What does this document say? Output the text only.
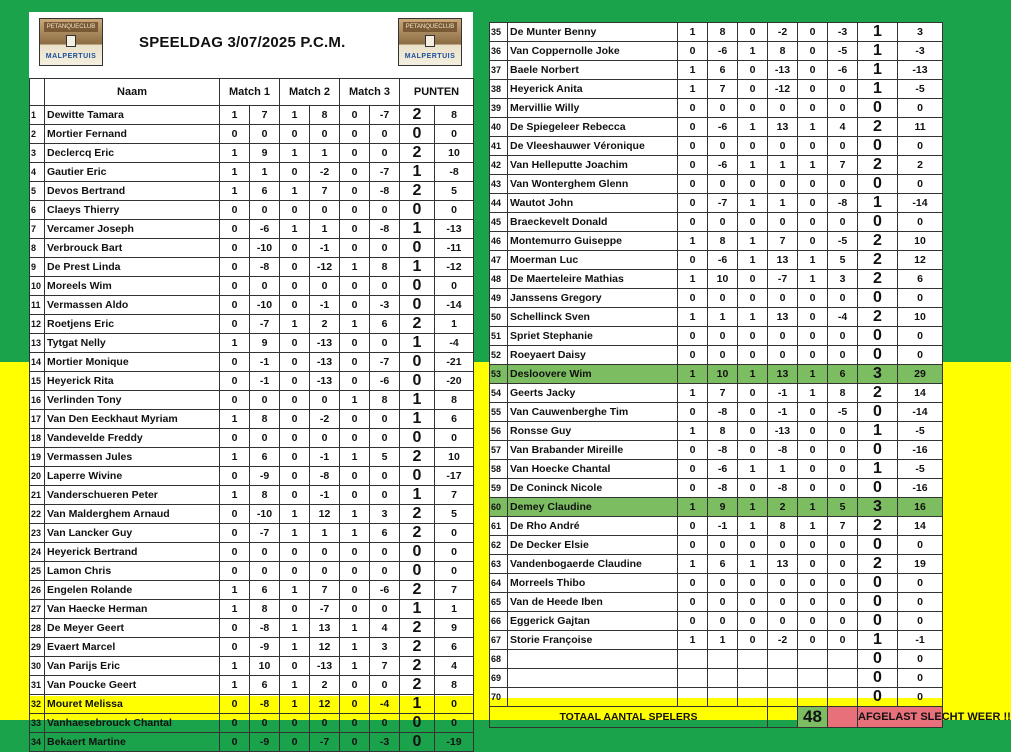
PETANQUECLUB
MALPERTUIS
SPEELDAG 3/07/2025 P.C.M.
PETANQUECLUB
MALPERTUIS
	Naam	Match 1		Match 2		Match 3		PUNTEN	
1	Dewitte Tamara	1	7	1	8	0	-7	2	8
2	Mortier Fernand	0	0	0	0	0	0	0	0
3	Declercq Eric	1	9	1	1	0	0	2	10
4	Gautier Eric	1	1	0	-2	0	-7	1	-8
5	Devos Bertrand	1	6	1	7	0	-8	2	5
6	Claeys Thierry	0	0	0	0	0	0	0	0
7	Vercamer Joseph	0	-6	1	1	0	-8	1	-13
8	Verbrouck Bart	0	-10	0	-1	0	0	0	-11
9	De Prest Linda	0	-8	0	-12	1	8	1	-12
10	Moreels Wim	0	0	0	0	0	0	0	0
11	Vermassen Aldo	0	-10	0	-1	0	-3	0	-14
12	Roetjens Eric	0	-7	1	2	1	6	2	1
13	Tytgat Nelly	1	9	0	-13	0	0	1	-4
14	Mortier Monique	0	-1	0	-13	0	-7	0	-21
15	Heyerick Rita	0	-1	0	-13	0	-6	0	-20
16	Verlinden Tony	0	0	0	0	1	8	1	8
17	Van Den Eeckhaut Myriam	1	8	0	-2	0	0	1	6
18	Vandevelde Freddy	0	0	0	0	0	0	0	0
19	Vermassen Jules	1	6	0	-1	1	5	2	10
20	Laperre Wivine	0	-9	0	-8	0	0	0	-17
21	Vanderschueren Peter	1	8	0	-1	0	0	1	7
22	Van Malderghem Arnaud	0	-10	1	12	1	3	2	5
23	Van Lancker Guy	0	-7	1	1	1	6	2	0
24	Heyerick Bertrand	0	0	0	0	0	0	0	0
25	Lamon Chris	0	0	0	0	0	0	0	0
26	Engelen Rolande	1	6	1	7	0	-6	2	7
27	Van Haecke Herman	1	8	0	-7	0	0	1	1
28	De Meyer Geert	0	-8	1	13	1	4	2	9
29	Evaert Marcel	0	-9	1	12	1	3	2	6
30	Van Parijs Eric	1	10	0	-13	1	7	2	4
31	Van Poucke Geert	1	6	1	2	0	0	2	8
32	Mouret Melissa	0	-8	1	12	0	-4	1	0
33	Vanhaesebrouck Chantal	0	0	0	0	0	0	0	0
34	Bekaert Martine	0	-9	0	-7	0	-3	0	-19
35	De Munter Benny	1	8	0	-2	0	-3	1	3
36	Van Coppernolle Joke	0	-6	1	8	0	-5	1	-3
37	Baele Norbert	1	6	0	-13	0	-6	1	-13
38	Heyerick Anita	1	7	0	-12	0	0	1	-5
39	Mervillie Willy	0	0	0	0	0	0	0	0
40	De Spiegeleer Rebecca	0	-6	1	13	1	4	2	11
41	De Vleeshauwer Véronique	0	0	0	0	0	0	0	0
42	Van Helleputte Joachim	0	-6	1	1	1	7	2	2
43	Van Wonterghem Glenn	0	0	0	0	0	0	0	0
44	Wautot John	0	-7	1	1	0	-8	1	-14
45	Braeckevelt Donald	0	0	0	0	0	0	0	0
46	Montemurro Guiseppe	1	8	1	7	0	-5	2	10
47	Moerman Luc	0	-6	1	13	1	5	2	12
48	De Maerteleire Mathias	1	10	0	-7	1	3	2	6
49	Janssens Gregory	0	0	0	0	0	0	0	0
50	Schellinck Sven	1	1	1	13	0	-4	2	10
51	Spriet Stephanie	0	0	0	0	0	0	0	0
52	Roeyaert Daisy	0	0	0	0	0	0	0	0
53	Desloovere Wim	1	10	1	13	1	6	3	29
54	Geerts Jacky	1	7	0	-1	1	8	2	14
55	Van Cauwenberghe Tim	0	-8	0	-1	0	-5	0	-14
56	Ronsse Guy	1	8	0	-13	0	0	1	-5
57	Van Brabander Mireille	0	-8	0	-8	0	0	0	-16
58	Van Hoecke Chantal	0	-6	1	1	0	0	1	-5
59	De Coninck Nicole	0	-8	0	-8	0	0	0	-16
60	Demey Claudine	1	9	1	2	1	5	3	16
61	De Rho André	0	-1	1	8	1	7	2	14
62	De Decker Elsie	0	0	0	0	0	0	0	0
63	Vandenbogaerde Claudine	1	6	1	13	0	0	2	19
64	Morreels Thibo	0	0	0	0	0	0	0	0
65	Van de Heede Iben	0	0	0	0	0	0	0	0
66	Eggerick Gajtan	0	0	0	0	0	0	0	0
67	Storie Françoise	1	1	0	-2	0	0	1	-1
68								0	0
69								0	0
70								0	0
TOTAAL AANTAL SPELERS						48		AFGELAST SLECHT WEER !!	
